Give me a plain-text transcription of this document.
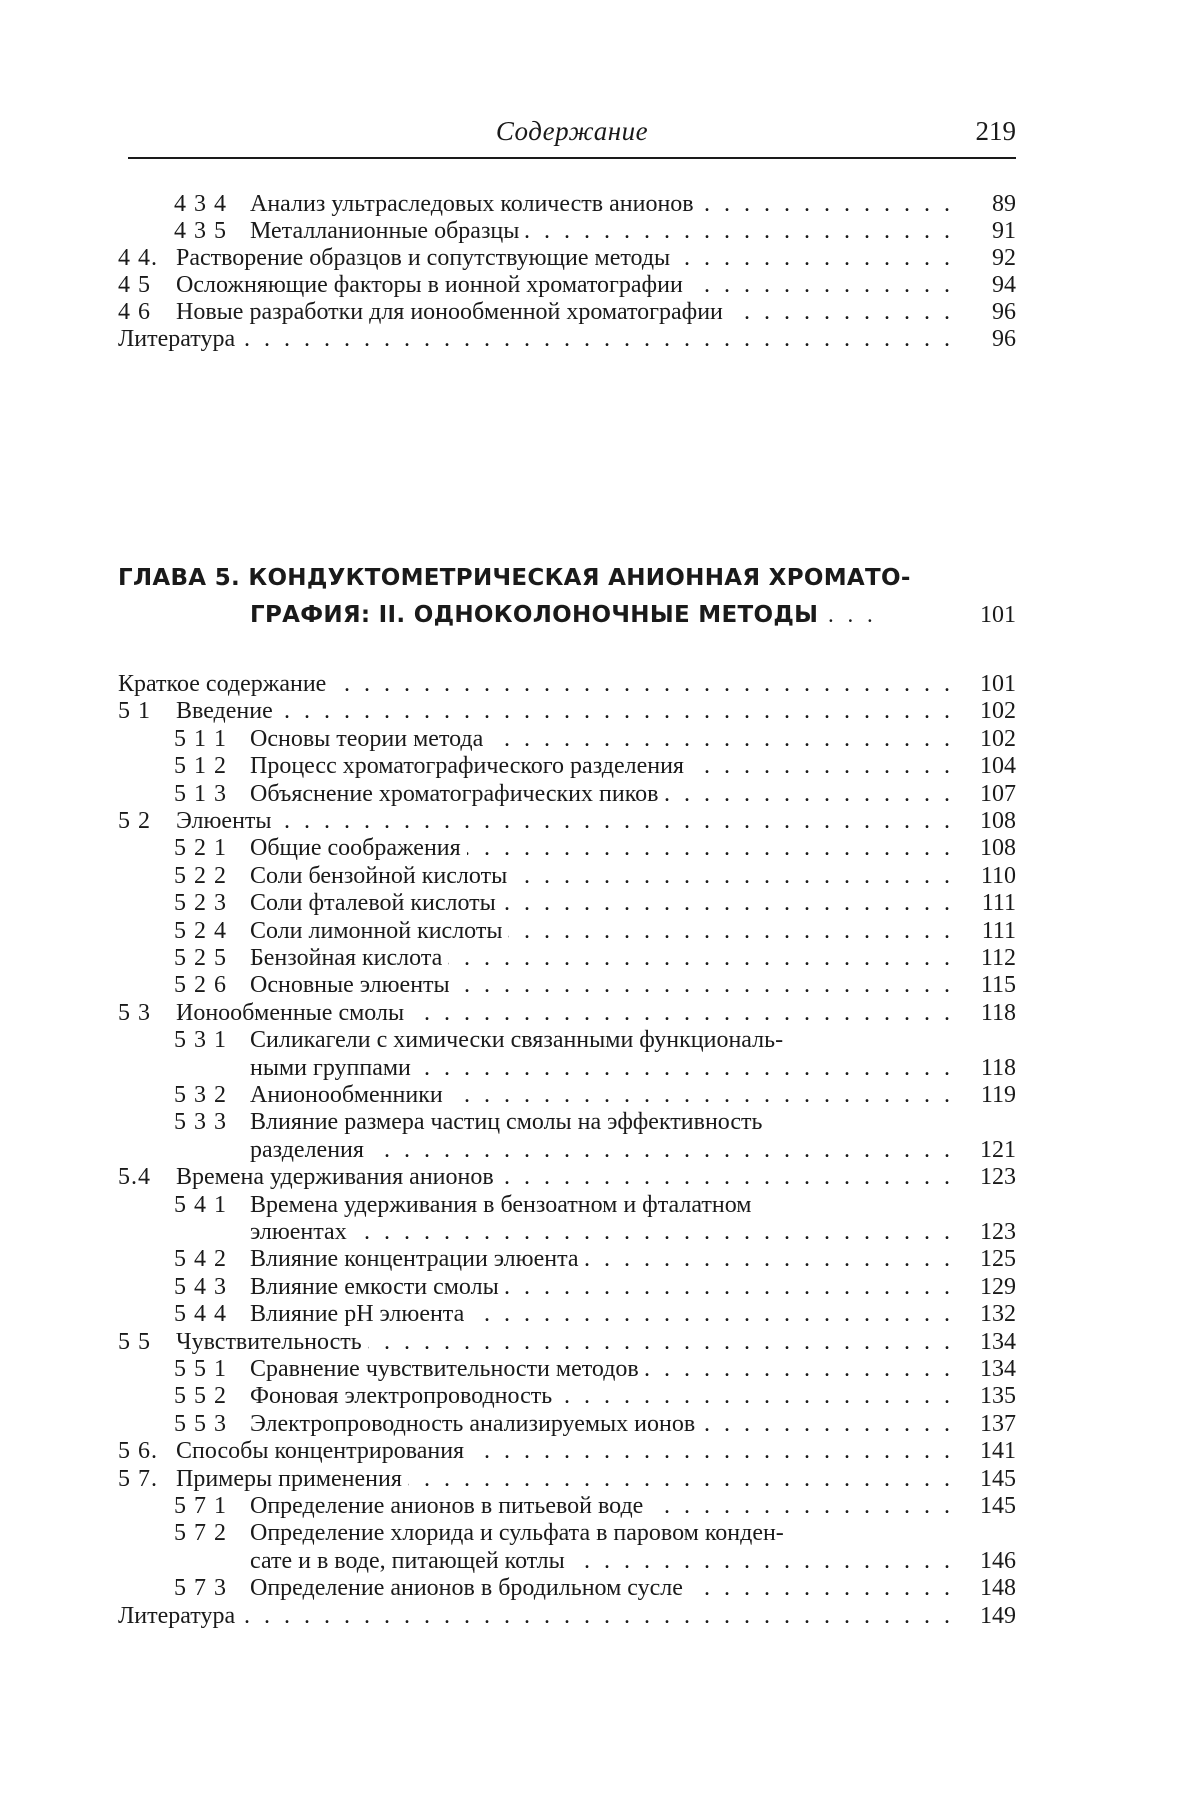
Содержание	219
4 3 4 Анализ ультраследовых количеств анионов . . .	89
4 3 5 Металланионные образцы . . .	91
4 4. Растворение образцов и сопутствующие методы . . .	92
4 5 Осложняющие факторы в ионной хроматографии . . .	94
4 6 Новые разработки для ионообменной хроматографии . . .	96
Литература . . .	96
ГЛАВА 5. КОНДУКТОМЕТРИЧЕСКАЯ АНИОННАЯ ХРОМАТО-
ГРАФИЯ: II. ОДНОКОЛОНОЧНЫЕ МЕТОДЫ . . .	101
Краткое содержание . . .	101
5 1 Введение . . .	102
5 1 1 Основы теории метода . . .	102
5 1 2 Процесс хроматографического разделения . . .	104
5 1 3 Объяснение хроматографических пиков . . .	107
5 2 Элюенты . . .	108
5 2 1 Общие соображения . . .	108
5 2 2 Соли бензойной кислоты . . .	110
5 2 3 Соли фталевой кислоты . . .	111
5 2 4 Соли лимонной кислоты . . .	111
5 2 5 Бензойная кислота . . .	112
5 2 6 Основные элюенты . . .	115
5 3 Ионообменные смолы . . .	118
5 3 1 Силикагели с химически связанными функциональ-
ными группами . . .	118
5 3 2 Анионообменники . . .	119
5 3 3 Влияние размера частиц смолы на эффективность
разделения . . .	121
5.4 Времена удерживания анионов . . .	123
5 4 1 Времена удерживания в бензоатном и фталатном
элюентах . . .	123
5 4 2 Влияние концентрации элюента . . .	125
5 4 3 Влияние емкости смолы . . .	129
5 4 4 Влияние pH элюента . . .	132
5 5 Чувствительность . . .	134
5 5 1 Сравнение чувствительности методов . . .	134
5 5 2 Фоновая электропроводность . . .	135
5 5 3 Электропроводность анализируемых ионов . . .	137
5 6. Способы концентрирования . . .	141
5 7. Примеры применения . . .	145
5 7 1 Определение анионов в питьевой воде . . .	145
5 7 2 Определение хлорида и сульфата в паровом конден-
сате и в воде, питающей котлы . . .	146
5 7 3 Определение анионов в бродильном сусле . . .	148
Литература . . .	149
